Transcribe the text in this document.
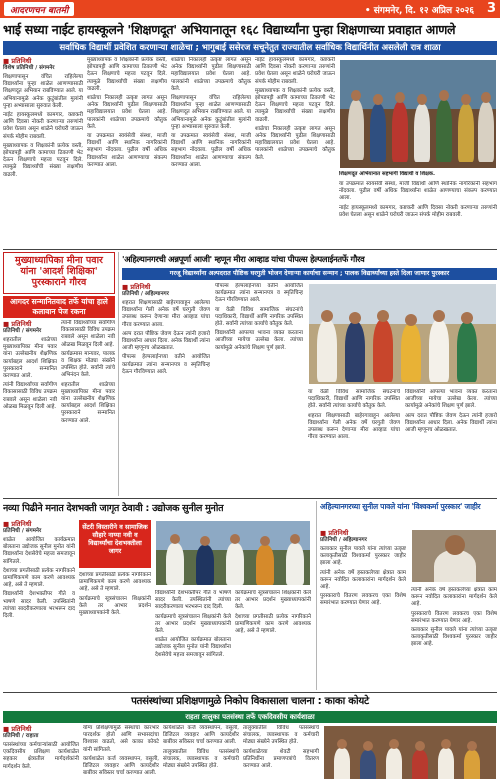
आदरणचन बातमी	• संगमनेर, दि. १२ अप्रिल २०२६ 3
भाई सध्या नाईट हायस्कूलने 'शिक्षणदूत' अभियानातून १६८ विद्यार्थ्यांना पुन्हा शिक्षणाच्या प्रवाहात आणले
सर्वाधिक विद्यार्थी प्रवेशित करणाऱ्या शाळेचा ; भागुबाई ससेरज सचूनेतुत राज्यातील सर्वाधिक विद्यार्थिनीत असलेली रात्र शाळा
■ प्रतिनिधी
विशेष प्रतिनिधी / संगमनेर

शिक्षणापासून वंचित राहिलेल्या विद्यार्थ्यांना पुन्हा शाळेत आणण्यासाठी शिक्षणदूत अभियान राबविण्यात आले. या अभियानामुळे अनेक कुटुंबांतील मुलांनी पुन्हा अभ्यासाला सुरुवात केली.

नाईट हायस्कूलमध्ये कामगार, कष्टकरी आणि दिवसा नोकरी करणाऱ्या तरुणांनी प्रवेश घेतला असून शाळेने घरोघरी जाऊन संपर्क मोहीम राबवली.

मुख्याध्यापक व शिक्षकांनी प्रत्येक वस्ती, झोपडपट्टी आणि कामाच्या ठिकाणी भेट देऊन शिक्षणाचे महत्त्व पटवून दिले. त्यामुळे विद्यार्थ्यांची संख्या लक्षणीय वाढली.

मुख्याध्यापक व शिक्षकांनी प्रत्येक वस्ती, झोपडपट्टी आणि कामाच्या ठिकाणी भेट देऊन शिक्षणाचे महत्त्व पटवून दिले. त्यामुळे विद्यार्थ्यांची संख्या लक्षणीय वाढली.

शाळेचा निकालही उत्कृष्ट लागत असून अनेक विद्यार्थ्यांनी पुढील शिक्षणासाठी महाविद्यालयात प्रवेश घेतला आहे. पालकांनी शाळेच्या उपक्रमाचे कौतुक केले.

या उपक्रमात स्वयंसेवी संस्था, माजी विद्यार्थी आणि स्थानिक नागरिकांनी सहभाग नोंदवला. पुढील वर्षी अधिक विद्यार्थ्यांना शाळेत आणण्याचा संकल्प करण्यात आला.

शाळेचा निकालही उत्कृष्ट लागत असून अनेक विद्यार्थ्यांनी पुढील शिक्षणासाठी महाविद्यालयात प्रवेश घेतला आहे. पालकांनी शाळेच्या उपक्रमाचे कौतुक केले.

शिक्षणापासून वंचित राहिलेल्या विद्यार्थ्यांना पुन्हा शाळेत आणण्यासाठी शिक्षणदूत अभियान राबविण्यात आले. या अभियानामुळे अनेक कुटुंबांतील मुलांनी पुन्हा अभ्यासाला सुरुवात केली.

या उपक्रमात स्वयंसेवी संस्था, माजी विद्यार्थी आणि स्थानिक नागरिकांनी सहभाग नोंदवला. पुढील वर्षी अधिक विद्यार्थ्यांना शाळेत आणण्याचा संकल्प करण्यात आला.

नाईट हायस्कूलमध्ये कामगार, कष्टकरी आणि दिवसा नोकरी करणाऱ्या तरुणांनी प्रवेश घेतला असून शाळेने घरोघरी जाऊन संपर्क मोहीम राबवली.

मुख्याध्यापक व शिक्षकांनी प्रत्येक वस्ती, झोपडपट्टी आणि कामाच्या ठिकाणी भेट देऊन शिक्षणाचे महत्त्व पटवून दिले. त्यामुळे विद्यार्थ्यांची संख्या लक्षणीय वाढली.

शाळेचा निकालही उत्कृष्ट लागत असून अनेक विद्यार्थ्यांनी पुढील शिक्षणासाठी महाविद्यालयात प्रवेश घेतला आहे. पालकांनी शाळेच्या उपक्रमाचे कौतुक केले.

शिक्षणदूत अभियानात सहभागी विद्यार्थी व शिक्षक.

या उपक्रमात स्वयंसेवी संस्था, माजी विद्यार्थी आणि स्थानिक नागरिकांनी सहभाग नोंदवला. पुढील वर्षी अधिक विद्यार्थ्यांना शाळेत आणण्याचा संकल्प करण्यात आला.

नाईट हायस्कूलमध्ये कामगार, कष्टकरी आणि दिवसा नोकरी करणाऱ्या तरुणांनी प्रवेश घेतला असून शाळेने घरोघरी जाऊन संपर्क मोहीम राबवली.

मुख्याध्यापिका मीना पवार यांना 'आदर्श शिक्षिका' पुरस्काराने गौरव
आगदर सन्मानितवाद तर्फे यांचा हाले कलावान पेज रकना
■ प्रतिनिधी
प्रतिनिधी / संगमनेर

शहरातील शाळेच्या मुख्याध्यापिका मीना पवार यांना उल्लेखनीय शैक्षणिक कार्याबद्दल आदर्श शिक्षिका पुरस्काराने सन्मानित करण्यात आले.

त्यांनी विद्यार्थ्यांच्या सर्वांगीण विकासासाठी विविध उपक्रम राबवले असून शाळेला नवी ओळख मिळवून दिली आहे.

त्यांनी विद्यार्थ्यांच्या सर्वांगीण विकासासाठी विविध उपक्रम राबवले असून शाळेला नवी ओळख मिळवून दिली आहे.

कार्यक्रमास मान्यवर, पालक व शिक्षक मोठ्या संख्येने उपस्थित होते. सर्वांनी त्यांचे अभिनंदन केले.

शहरातील शाळेच्या मुख्याध्यापिका मीना पवार यांना उल्लेखनीय शैक्षणिक कार्याबद्दल आदर्श शिक्षिका पुरस्काराने सन्मानित करण्यात आले.

'अहिल्यानगरची अन्नपूर्णा आजी' म्हणून मीरा आव्हाड यांचा पीपल्स हेल्पलाईनतर्फे गौरव
गरजू विद्यार्थ्यांना अल्पदरात पौष्टिक घरगुती भोजन देणाऱ्या कार्याचा सन्मान ; पालक विद्यार्थ्यांच्या हस्ते दिला जाणार पुरस्कार
■ प्रतिनिधी
प्रतिनिधी / अहिल्यानगर

शहरात शिक्षणासाठी बाहेरगावाहून आलेल्या विद्यार्थ्यांना गेली अनेक वर्षे घरगुती जेवण उपलब्ध करून देणाऱ्या मीरा आव्हाड यांचा गौरव करण्यात आला.

अल्प दरात पौष्टिक जेवण देऊन त्यांनी हजारो विद्यार्थ्यांना आधार दिला. अनेक विद्यार्थी त्यांना आजी म्हणूनच ओळखतात.

पीपल्स हेल्पलाईनच्या वतीने आयोजित कार्यक्रमात त्यांना सन्मानपत्र व स्मृतिचिन्ह देऊन गौरविण्यात आले.

पीपल्स हेल्पलाईनच्या वतीने आयोजित कार्यक्रमात त्यांना सन्मानपत्र व स्मृतिचिन्ह देऊन गौरविण्यात आले.

या वेळी विविध सामाजिक संघटनांचे पदाधिकारी, विद्यार्थी आणि नागरिक उपस्थित होते. सर्वांनी त्यांच्या कार्याचे कौतुक केले.

विद्यार्थ्यांनी आपल्या भावना व्यक्त करताना आजींच्या मायेचा उल्लेख केला. त्यांच्या कार्यामुळे अनेकांचे शिक्षण पूर्ण झाले.

या वेळी विविध सामाजिक संघटनांचे पदाधिकारी, विद्यार्थी आणि नागरिक उपस्थित होते. सर्वांनी त्यांच्या कार्याचे कौतुक केले.

शहरात शिक्षणासाठी बाहेरगावाहून आलेल्या विद्यार्थ्यांना गेली अनेक वर्षे घरगुती जेवण उपलब्ध करून देणाऱ्या मीरा आव्हाड यांचा गौरव करण्यात आला.

विद्यार्थ्यांनी आपल्या भावना व्यक्त करताना आजींच्या मायेचा उल्लेख केला. त्यांच्या कार्यामुळे अनेकांचे शिक्षण पूर्ण झाले.

अल्प दरात पौष्टिक जेवण देऊन त्यांनी हजारो विद्यार्थ्यांना आधार दिला. अनेक विद्यार्थी त्यांना आजी म्हणूनच ओळखतात.

नव्या पिढीने मनात देशभक्ती जागृत ठेवावी : उद्योजक सुनील मुनोत
■ प्रतिनिधी
प्रतिनिधी / संगमनेर

शाळेत आयोजित कार्यक्रमात बोलताना उद्योजक सुनील मुनोत यांनी विद्यार्थ्यांना देशसेवेचे महत्त्व समजावून सांगितले.

देशाच्या प्रगतीसाठी प्रत्येक नागरिकाने प्रामाणिकपणे काम करणे आवश्यक आहे, असे ते म्हणाले.

विद्यार्थ्यांनी देशभक्तीपर गीते व भाषणे सादर केली. उपस्थितांनी त्यांच्या सादरीकरणाला भरभरून दाद दिली.

सेंटरी विस्तारीने व सामाजिक सौहारे नाय्या नवी व विद्यार्थ्यांचा देशभक्तीला जागर

देशाच्या प्रगतीसाठी प्रत्येक नागरिकाने प्रामाणिकपणे काम करणे आवश्यक आहे, असे ते म्हणाले.

कार्यक्रमाचे सूत्रसंचालन शिक्षकांनी केले तर आभार प्रदर्शन मुख्याध्यापकांनी केले.

विद्यार्थ्यांनी देशभक्तीपर गीते व भाषणे सादर केली. उपस्थितांनी त्यांच्या सादरीकरणाला भरभरून दाद दिली.

कार्यक्रमाचे सूत्रसंचालन शिक्षकांनी केले तर आभार प्रदर्शन मुख्याध्यापकांनी केले.

शाळेत आयोजित कार्यक्रमात बोलताना उद्योजक सुनील मुनोत यांनी विद्यार्थ्यांना देशसेवेचे महत्त्व समजावून सांगितले.

कार्यक्रमाचे सूत्रसंचालन शिक्षकांनी केले तर आभार प्रदर्शन मुख्याध्यापकांनी केले.

देशाच्या प्रगतीसाठी प्रत्येक नागरिकाने प्रामाणिकपणे काम करणे आवश्यक आहे, असे ते म्हणाले.

अहिल्यानगरच्या सुनील पावले यांना 'विश्वकर्मा पुरस्कार' जाहीर
■ प्रतिनिधी
प्रतिनिधी / अहिल्यानगर

कलाकार सुनील पावले यांना त्यांच्या उत्कृष्ट कलाकृतीसाठी विश्वकर्मा पुरस्कार जाहीर झाला आहे.

त्यांनी अनेक वर्षे हस्तकलेच्या क्षेत्रात काम करून नवोदित कलाकारांना मार्गदर्शन केले आहे.

पुरस्काराचे वितरण लवकरच एका विशेष समारंभात करण्यात येणार आहे.

त्यांनी अनेक वर्षे हस्तकलेच्या क्षेत्रात काम करून नवोदित कलाकारांना मार्गदर्शन केले आहे.

पुरस्काराचे वितरण लवकरच एका विशेष समारंभात करण्यात येणार आहे.

कलाकार सुनील पावले यांना त्यांच्या उत्कृष्ट कलाकृतीसाठी विश्वकर्मा पुरस्कार जाहीर झाला आहे.

पतसंस्थांच्या प्रशिक्षणामुळे निकोप विकासाला चालना : काका कोयटे
राहता तालुका पतसंस्था तर्फे एकदिवसीय कार्यशाळा
■ प्रतिनिधी
प्रतिनिधी / राहाता

पतसंस्थांच्या कर्मचाऱ्यांसाठी आयोजित एकदिवसीय प्रशिक्षण कार्यशाळेत सहकार क्षेत्रातील मार्गदर्शकांनी मार्गदर्शन केले.

योग्य प्रशिक्षणामुळे संस्थांचा कारभार पारदर्शक होतो आणि सभासदांचा विश्वास वाढतो, असे काका कोयटे यांनी सांगितले.

कार्यशाळेत कर्ज व्यवस्थापन, वसुली, डिजिटल व्यवहार आणि कायदेशीर बाबींवर सविस्तर चर्चा करण्यात आली.

कार्यशाळेत कर्ज व्यवस्थापन, वसुली, डिजिटल व्यवहार आणि कायदेशीर बाबींवर सविस्तर चर्चा करण्यात आली.

तालुक्यातील विविध पतसंस्थांचे संचालक, व्यवस्थापक व कर्मचारी मोठ्या संख्येने उपस्थित होते.

तालुक्यातील विविध पतसंस्थांचे संचालक, व्यवस्थापक व कर्मचारी मोठ्या संख्येने उपस्थित होते.

कार्यशाळेच्या शेवटी सहभागी प्रतिनिधींना प्रमाणपत्रांचे वितरण करण्यात आले.
